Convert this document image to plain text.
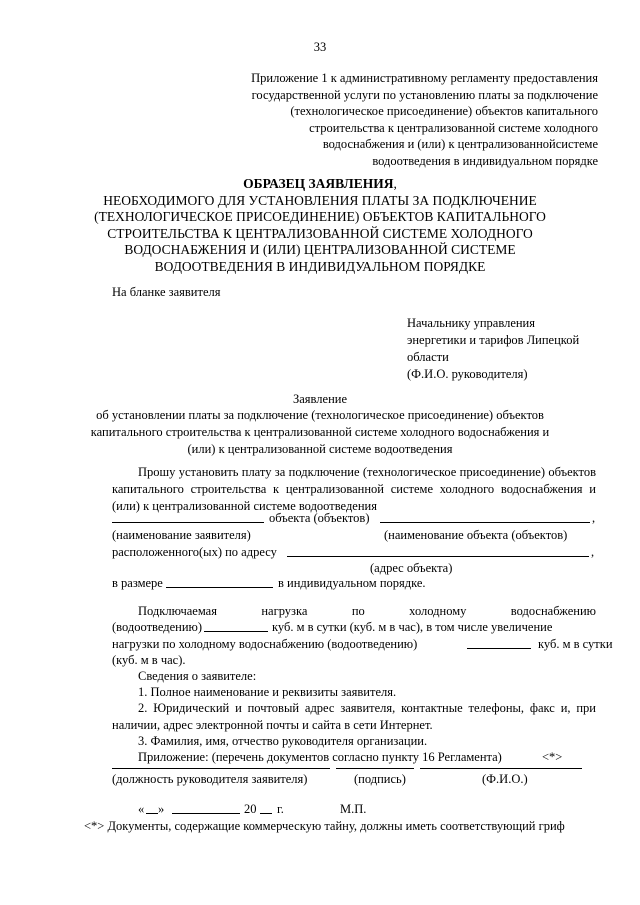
33
Приложение 1 к административному регламенту предоставления
государственной услуги по установлению платы за подключение
(технологическое присоединение) объектов капитального
строительства к централизованной системе холодного
водоснабжения и (или) к централизованнойсистеме
водоотведения в индивидуальном порядке
ОБРАЗЕЦ ЗАЯВЛЕНИЯ,
НЕОБХОДИМОГО ДЛЯ УСТАНОВЛЕНИЯ ПЛАТЫ ЗА ПОДКЛЮЧЕНИЕ
(ТЕХНОЛОГИЧЕСКОЕ ПРИСОЕДИНЕНИЕ) ОБЪЕКТОВ КАПИТАЛЬНОГО
СТРОИТЕЛЬСТВА К ЦЕНТРАЛИЗОВАННОЙ СИСТЕМЕ ХОЛОДНОГО
ВОДОСНАБЖЕНИЯ И (ИЛИ) ЦЕНТРАЛИЗОВАННОЙ СИСТЕМЕ
ВОДООТВЕДЕНИЯ В ИНДИВИДУАЛЬНОМ ПОРЯДКЕ
На бланке заявителя
Начальнику управления
энергетики и тарифов Липецкой
области
(Ф.И.О. руководителя)
Заявление
об установлении платы за подключение (технологическое присоединение) объектов
капитального строительства к централизованной системе холодного водоснабжения и
(или) к централизованной системе водоотведения
Прошу установить плату за подключение (технологическое присоединение) объектов капитального строительства к централизованной системе холодного водоснабжения и (или) к централизованной системе водоотведения
объекта (объектов)	,
(наименование заявителя)	(наименование объекта (объектов)
расположенного(ых) по адресу	,
(адрес объекта)
в размере	в индивидуальном порядке.
Подключаемая	нагрузка	по	холодному	водоснабжению
(водоотведению)	куб. м в сутки (куб. м в час), в том числе увеличение
нагрузки по холодному водоснабжению (водоотведению)	куб. м в сутки
(куб. м в час).
Сведения о заявителе:
1. Полное наименование и реквизиты заявителя.
2. Юридический и почтовый адрес заявителя, контактные телефоны, факс и, при наличии, адрес электронной почты и сайта в сети Интернет.
3. Фамилия, имя, отчество руководителя организации.
Приложение: (перечень документов согласно пункту 16 Регламента)	<*>
(должность руководителя заявителя)	(подпись)	(Ф.И.О.)
« »	20 г.	М.П.
<*> Документы, содержащие коммерческую тайну, должны иметь соответствующий гриф
